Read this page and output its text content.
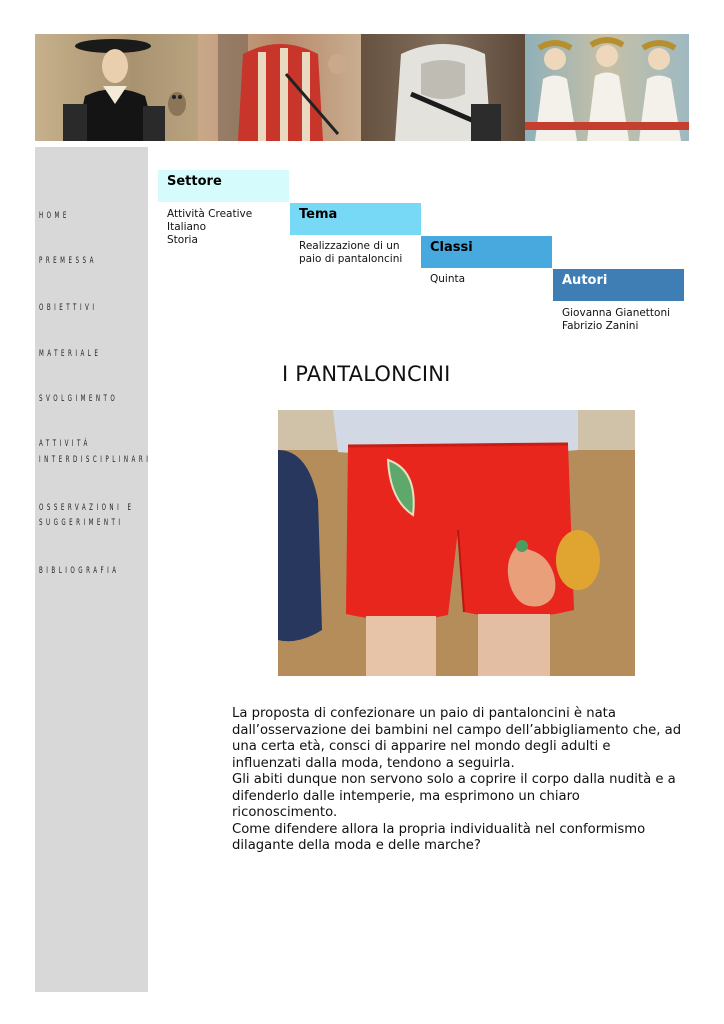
HOME
PREMESSA
OBIETTIVI
MATERIALE
SVOLGIMENTO
ATTIVITÀ
INTERDISCIPLINARI
OSSERVAZIONI E
SUGGERIMENTI
BIBLIOGRAFIA
Settore
Attività Creative
Italiano
Storia
Tema
Realizzazione di un paio di pantaloncini
Classi
Quinta	Autori
Giovanna Gianettoni
Fabrizio Zanini
I PANTALONCINI

La proposta di confezionare un paio di pantaloncini è nata dall’osservazione dei bambini nel campo dell’abbigliamento che, ad una certa età, consci di apparire nel mondo degli adulti e influenzati dalla moda, tendono a seguirla.

Gli abiti dunque non servono solo a coprire il corpo dalla nudità e a difenderlo dalle intemperie, ma esprimono un chiaro riconoscimento.

Come difendere allora la propria individualità nel conformismo dilagante della moda e delle marche?
